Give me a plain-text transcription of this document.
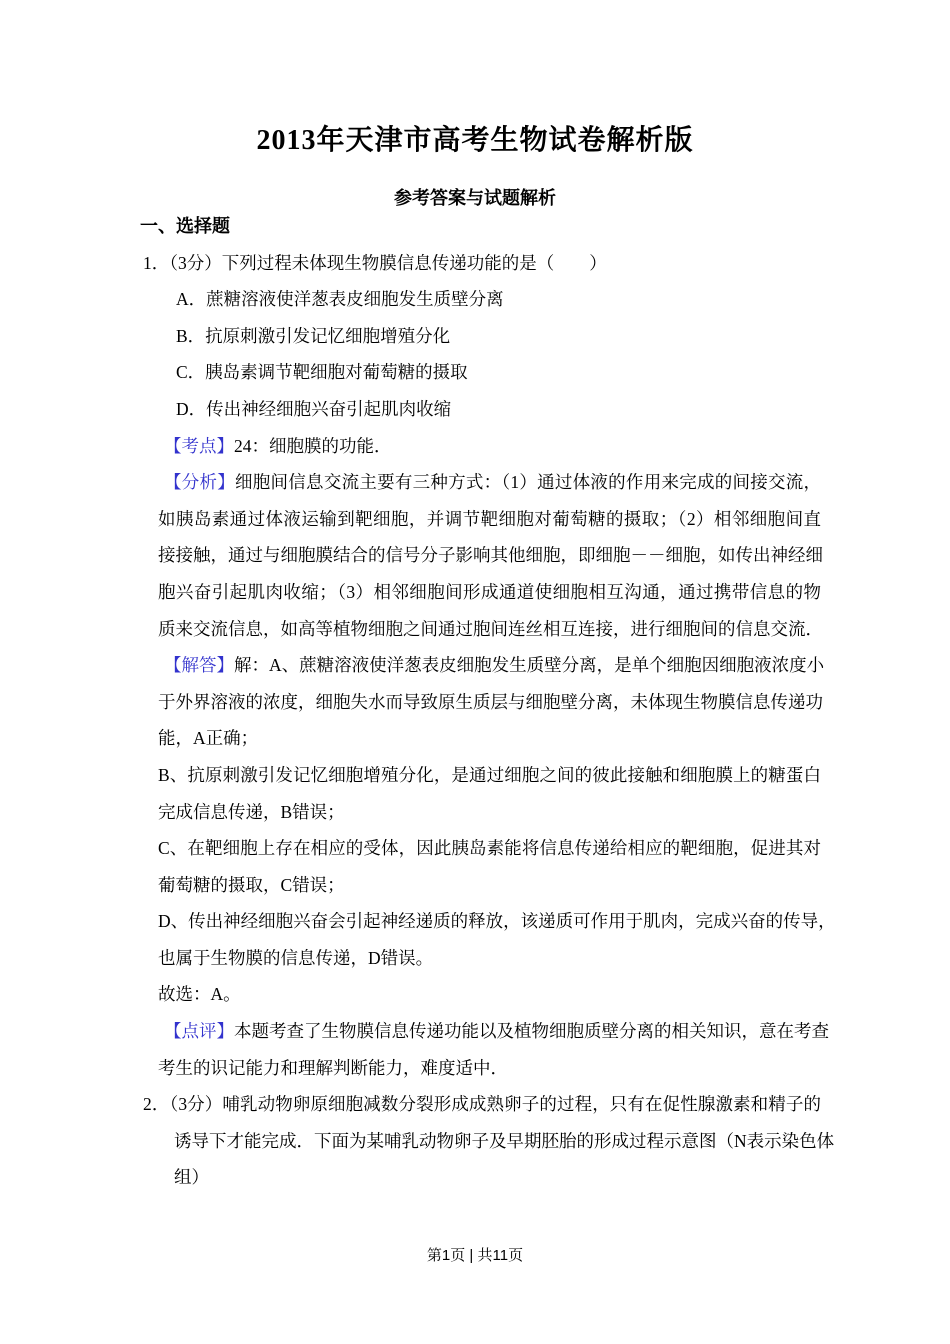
2013年天津市高考生物试卷解析版
参考答案与试题解析
一、选择题
1．（3分）下列过程未体现生物膜信息传递功能的是（　　）
A．蔗糖溶液使洋葱表皮细胞发生质壁分离
B．抗原刺激引发记忆细胞增殖分化
C．胰岛素调节靶细胞对葡萄糖的摄取
D．传出神经细胞兴奋引起肌肉收缩
【考点】24：细胞膜的功能．
【分析】细胞间信息交流主要有三种方式：（1）通过体液的作用来完成的间接交流，
如胰岛素通过体液运输到靶细胞，并调节靶细胞对葡萄糖的摄取；（2）相邻细胞间直
接接触，通过与细胞膜结合的信号分子影响其他细胞，即细胞－－细胞，如传出神经细
胞兴奋引起肌肉收缩；（3）相邻细胞间形成通道使细胞相互沟通，通过携带信息的物
质来交流信息，如高等植物细胞之间通过胞间连丝相互连接，进行细胞间的信息交流．
【解答】解：A、蔗糖溶液使洋葱表皮细胞发生质壁分离，是单个细胞因细胞液浓度小
于外界溶液的浓度，细胞失水而导致原生质层与细胞壁分离，未体现生物膜信息传递功
能，A正确；
B、抗原刺激引发记忆细胞增殖分化，是通过细胞之间的彼此接触和细胞膜上的糖蛋白
完成信息传递，B错误；
C、在靶细胞上存在相应的受体，因此胰岛素能将信息传递给相应的靶细胞，促进其对
葡萄糖的摄取，C错误；
D、传出神经细胞兴奋会引起神经递质的释放，该递质可作用于肌肉，完成兴奋的传导，
也属于生物膜的信息传递，D错误。
故选：A。
【点评】本题考查了生物膜信息传递功能以及植物细胞质壁分离的相关知识，意在考查
考生的识记能力和理解判断能力，难度适中．
2．（3分）哺乳动物卵原细胞减数分裂形成成熟卵子的过程，只有在促性腺激素和精子的
诱导下才能完成．下面为某哺乳动物卵子及早期胚胎的形成过程示意图（N表示染色体
组）
第1页 | 共11页
